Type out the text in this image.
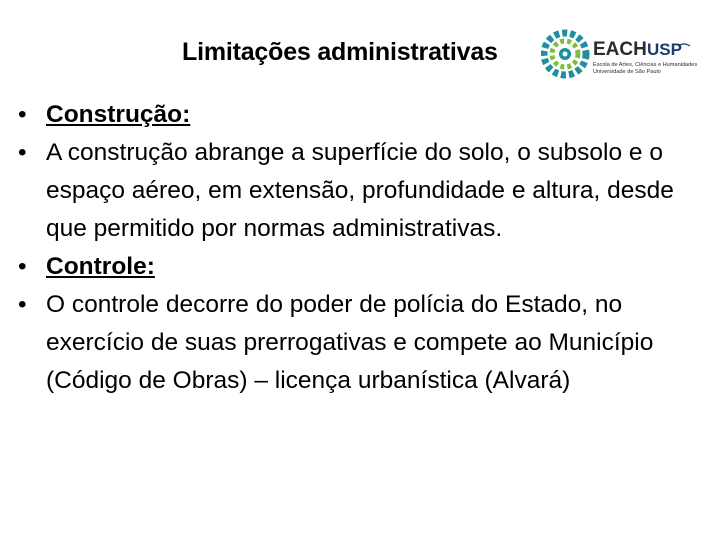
Limitações administrativas	EACH USP
Escola de Artes, Ciências e Humanidades
Universidade de São Paulo
• Construção:
• A construção abrange a superfície do solo, o subsolo e o espaço aéreo, em extensão, profundidade e altura, desde que permitido por normas administrativas.
• Controle:
• O controle decorre do poder de polícia do Estado, no exercício de suas prerrogativas e compete ao Município (Código de Obras) – licença urbanística (Alvará)
